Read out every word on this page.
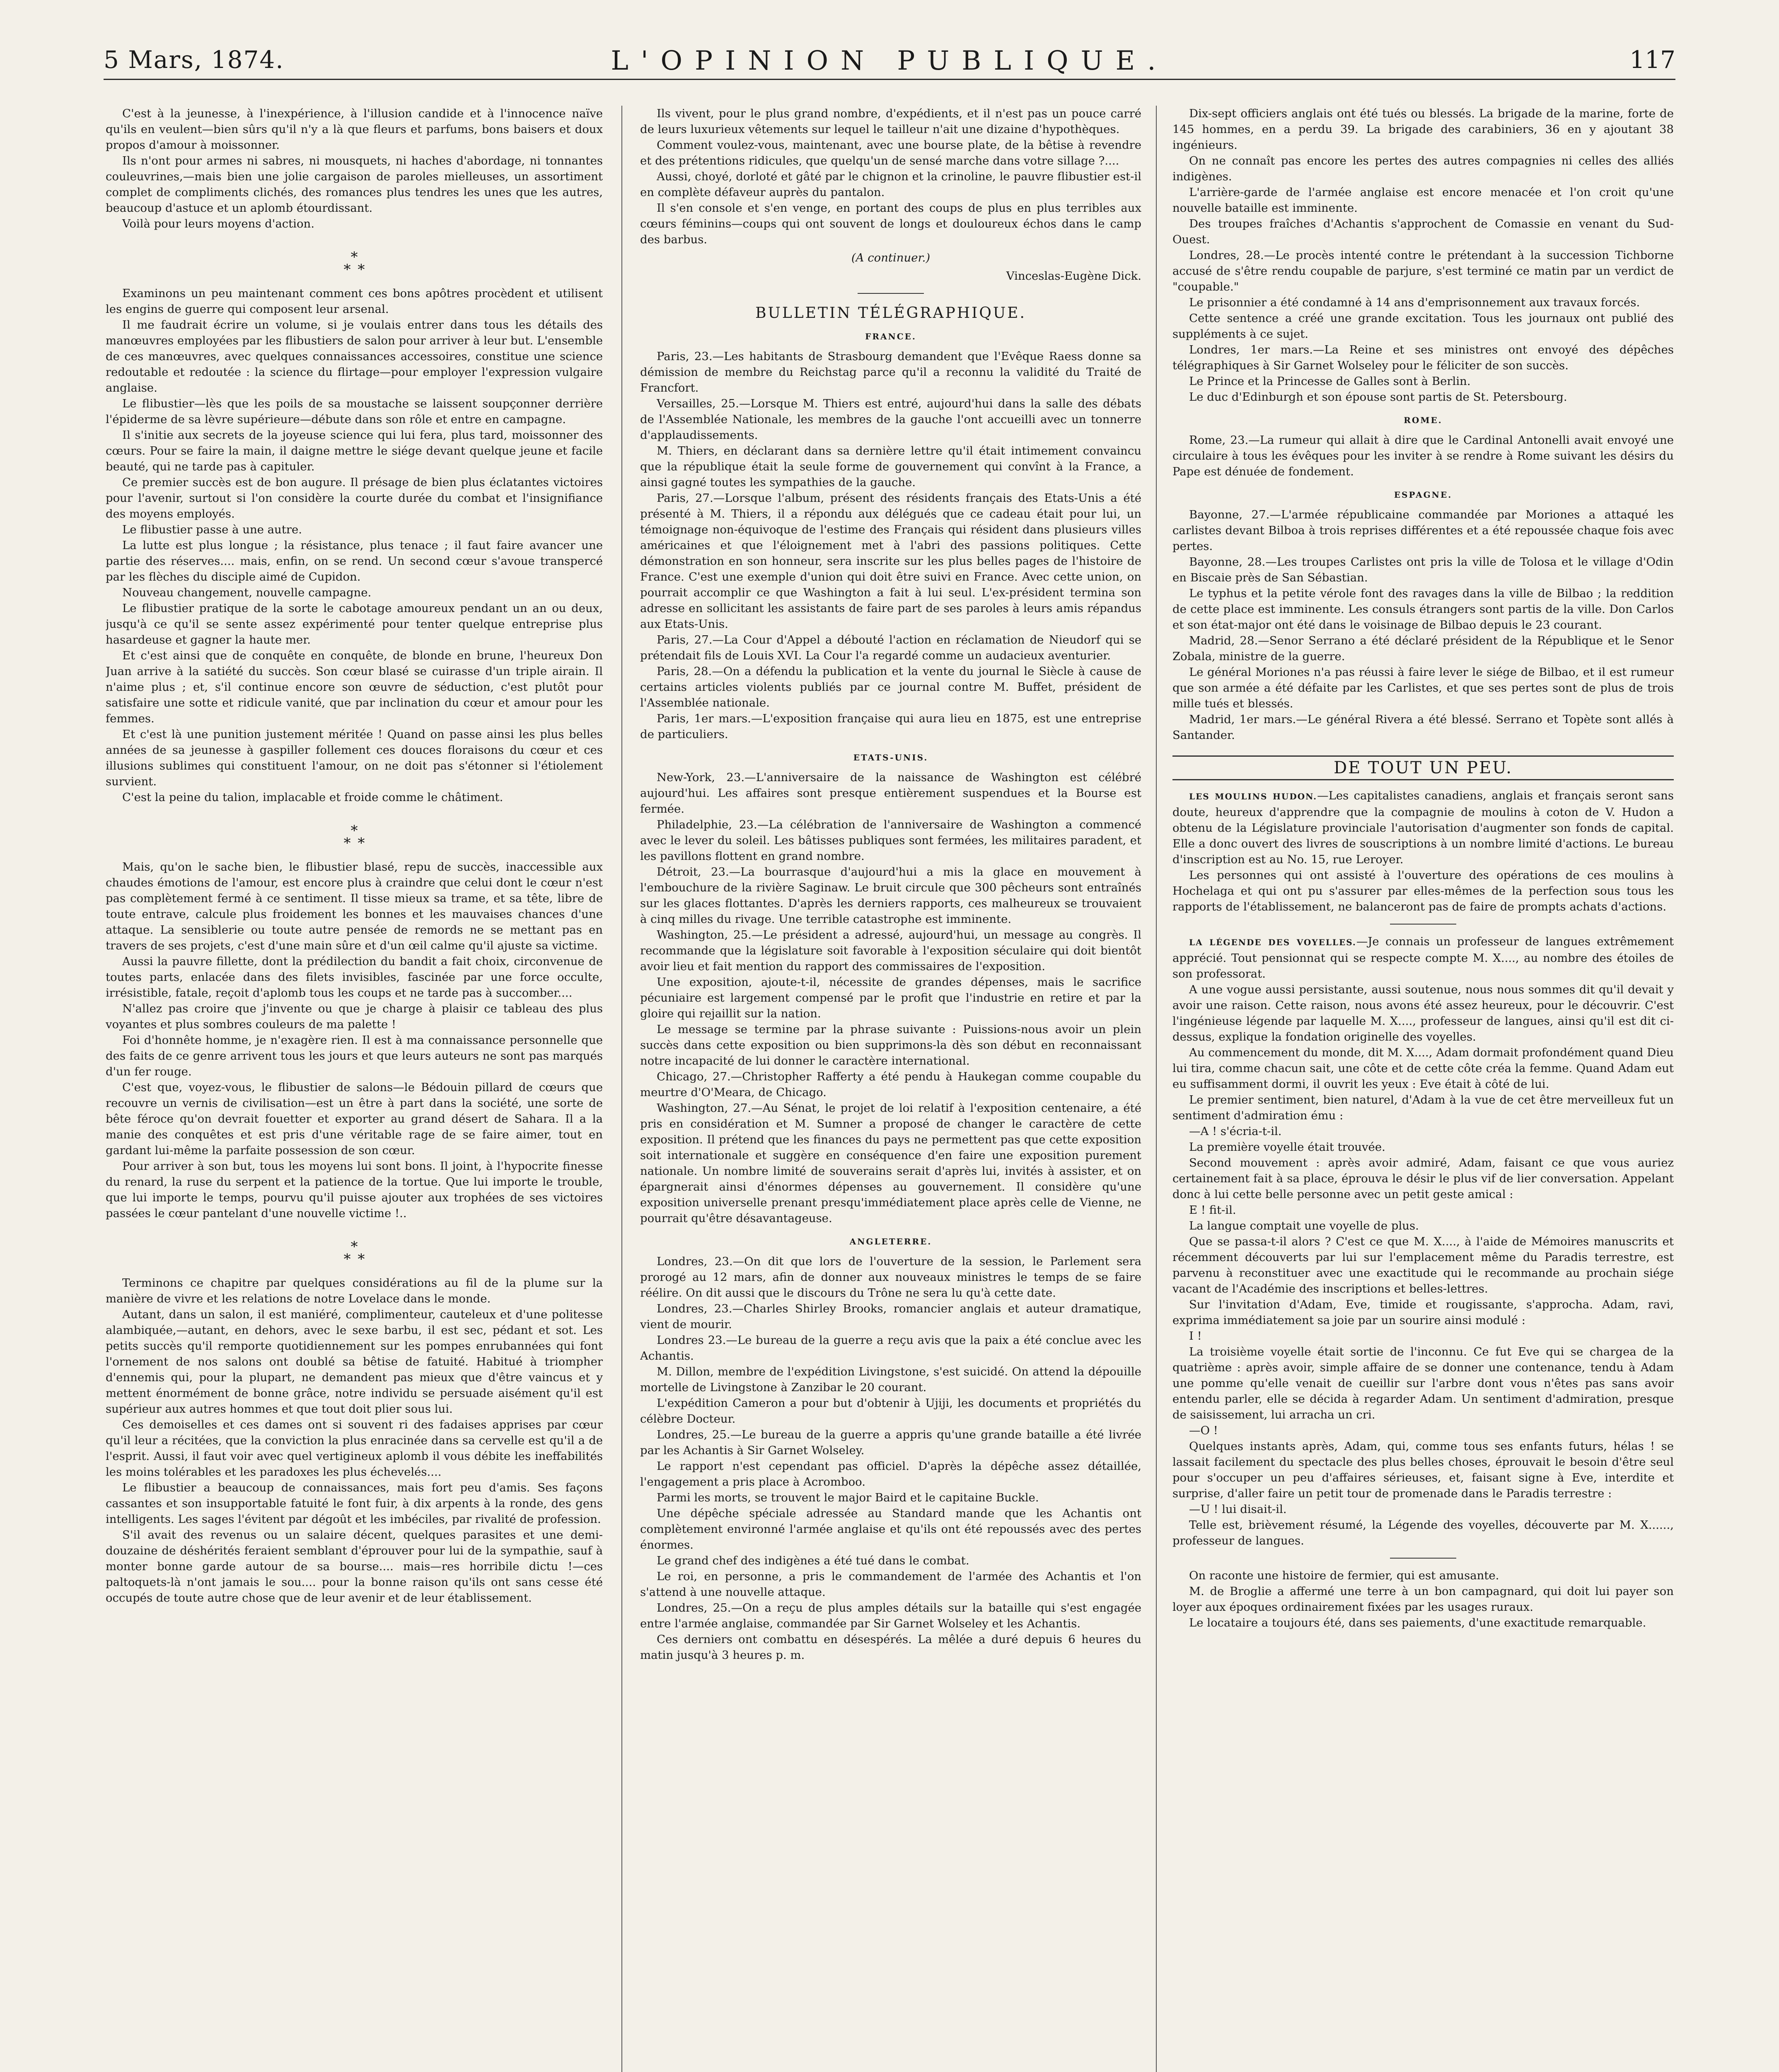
5 Mars, 1874.	L'OPINION PUBLIQUE.	117

C'est à la jeunesse, à l'inexpérience, à l'illusion candide et à l'innocence naïve qu'ils en veulent—bien sûrs qu'il n'y a là que fleurs et parfums, bons baisers et doux propos d'amour à moissonner.

Ils n'ont pour armes ni sabres, ni mousquets, ni haches d'abordage, ni tonnantes couleuvrines,—mais bien une jolie cargaison de paroles mielleuses, un assortiment complet de compliments clichés, des romances plus tendres les unes que les autres, beaucoup d'astuce et un aplomb étourdissant.

Voilà pour leurs moyens d'action.

∗
∗ ∗

Examinons un peu maintenant comment ces bons apôtres procèdent et utilisent les engins de guerre qui composent leur arsenal.

Il me faudrait écrire un volume, si je voulais entrer dans tous les détails des manœuvres employées par les flibustiers de salon pour arriver à leur but. L'ensemble de ces manœuvres, avec quelques connaissances accessoires, constitue une science redoutable et redoutée : la science du flirtage—pour employer l'expression vulgaire anglaise.

Le flibustier—lès que les poils de sa moustache se laissent soupçonner derrière l'épiderme de sa lèvre supérieure—débute dans son rôle et entre en campagne.

Il s'initie aux secrets de la joyeuse science qui lui fera, plus tard, moissonner des cœurs. Pour se faire la main, il daigne mettre le siége devant quelque jeune et facile beauté, qui ne tarde pas à capituler.

Ce premier succès est de bon augure. Il présage de bien plus éclatantes victoires pour l'avenir, surtout si l'on considère la courte durée du combat et l'insignifiance des moyens employés.

Le flibustier passe à une autre.

La lutte est plus longue ; la résistance, plus tenace ; il faut faire avancer une partie des réserves.... mais, enfin, on se rend. Un second cœur s'avoue transpercé par les flèches du disciple aimé de Cupidon.

Nouveau changement, nouvelle campagne.

Le flibustier pratique de la sorte le cabotage amoureux pendant un an ou deux, jusqu'à ce qu'il se sente assez expérimenté pour tenter quelque entreprise plus hasardeuse et gagner la haute mer.

Et c'est ainsi que de conquête en conquête, de blonde en brune, l'heureux Don Juan arrive à la satiété du succès. Son cœur blasé se cuirasse d'un triple airain. Il n'aime plus ; et, s'il continue encore son œuvre de séduction, c'est plutôt pour satisfaire une sotte et ridicule vanité, que par inclination du cœur et amour pour les femmes.

Et c'est là une punition justement méritée ! Quand on passe ainsi les plus belles années de sa jeunesse à gaspiller follement ces douces floraisons du cœur et ces illusions sublimes qui constituent l'amour, on ne doit pas s'étonner si l'étiolement survient.

C'est la peine du talion, implacable et froide comme le châtiment.

∗
∗ ∗

Mais, qu'on le sache bien, le flibustier blasé, repu de succès, inaccessible aux chaudes émotions de l'amour, est encore plus à craindre que celui dont le cœur n'est pas complètement fermé à ce sentiment. Il tisse mieux sa trame, et sa tête, libre de toute entrave, calcule plus froidement les bonnes et les mauvaises chances d'une attaque. La sensiblerie ou toute autre pensée de remords ne se mettant pas en travers de ses projets, c'est d'une main sûre et d'un œil calme qu'il ajuste sa victime.

Aussi la pauvre fillette, dont la prédilection du bandit a fait choix, circonvenue de toutes parts, enlacée dans des filets invisibles, fascinée par une force occulte, irrésistible, fatale, reçoit d'aplomb tous les coups et ne tarde pas à succomber....

N'allez pas croire que j'invente ou que je charge à plaisir ce tableau des plus voyantes et plus sombres couleurs de ma palette !

Foi d'honnête homme, je n'exagère rien. Il est à ma connaissance personnelle que des faits de ce genre arrivent tous les jours et que leurs auteurs ne sont pas marqués d'un fer rouge.

C'est que, voyez-vous, le flibustier de salons—le Bédouin pillard de cœurs que recouvre un vernis de civilisation—est un être à part dans la société, une sorte de bête féroce qu'on devrait fouetter et exporter au grand désert de Sahara. Il a la manie des conquêtes et est pris d'une véritable rage de se faire aimer, tout en gardant lui-même la parfaite possession de son cœur.

Pour arriver à son but, tous les moyens lui sont bons. Il joint, à l'hypocrite finesse du renard, la ruse du serpent et la patience de la tortue. Que lui importe le trouble, que lui importe le temps, pourvu qu'il puisse ajouter aux trophées de ses victoires passées le cœur pantelant d'une nouvelle victime !..

∗
∗ ∗

Terminons ce chapitre par quelques considérations au fil de la plume sur la manière de vivre et les relations de notre Lovelace dans le monde.

Autant, dans un salon, il est maniéré, complimenteur, cauteleux et d'une politesse alambiquée,—autant, en dehors, avec le sexe barbu, il est sec, pédant et sot. Les petits succès qu'il remporte quotidiennement sur les pompes enrubannées qui font l'ornement de nos salons ont doublé sa bêtise de fatuité. Habitué à triompher d'ennemis qui, pour la plupart, ne demandent pas mieux que d'être vaincus et y mettent énormément de bonne grâce, notre individu se persuade aisément qu'il est supérieur aux autres hommes et que tout doit plier sous lui.

Ces demoiselles et ces dames ont si souvent ri des fadaises apprises par cœur qu'il leur a récitées, que la conviction la plus enracinée dans sa cervelle est qu'il a de l'esprit. Aussi, il faut voir avec quel vertigineux aplomb il vous débite les ineffabilités les moins tolérables et les paradoxes les plus échevelés....

Le flibustier a beaucoup de connaissances, mais fort peu d'amis. Ses façons cassantes et son insupportable fatuité le font fuir, à dix arpents à la ronde, des gens intelligents. Les sages l'évitent par dégoût et les imbéciles, par rivalité de profession.

S'il avait des revenus ou un salaire décent, quelques parasites et une demi-douzaine de déshérités feraient semblant d'éprouver pour lui de la sympathie, sauf à monter bonne garde autour de sa bourse.... mais—res horribile dictu !—ces paltoquets-là n'ont jamais le sou.... pour la bonne raison qu'ils ont sans cesse été occupés de toute autre chose que de leur avenir et de leur établissement.

Ils vivent, pour le plus grand nombre, d'expédients, et il n'est pas un pouce carré de leurs luxurieux vêtements sur lequel le tailleur n'ait une dizaine d'hypothèques.

Comment voulez-vous, maintenant, avec une bourse plate, de la bêtise à revendre et des prétentions ridicules, que quelqu'un de sensé marche dans votre sillage ?....

Aussi, choyé, dorloté et gâté par le chignon et la crinoline, le pauvre flibustier est-il en complète défaveur auprès du pantalon.

Il s'en console et s'en venge, en portant des coups de plus en plus terribles aux cœurs féminins—coups qui ont souvent de longs et douloureux échos dans le camp des barbus.

(A continuer.)
Vinceslas-Eugène Dick.
BULLETIN TÉLÉGRAPHIQUE.
FRANCE.

Paris, 23.—Les habitants de Strasbourg demandent que l'Evêque Raess donne sa démission de membre du Reichstag parce qu'il a reconnu la validité du Traité de Francfort.

Versailles, 25.—Lorsque M. Thiers est entré, aujourd'hui dans la salle des débats de l'Assemblée Nationale, les membres de la gauche l'ont accueilli avec un tonnerre d'applaudissements.

M. Thiers, en déclarant dans sa dernière lettre qu'il était intimement convaincu que la république était la seule forme de gouvernement qui convînt à la France, a ainsi gagné toutes les sympathies de la gauche.

Paris, 27.—Lorsque l'album, présent des résidents français des Etats-Unis a été présenté à M. Thiers, il a répondu aux délégués que ce cadeau était pour lui, un témoignage non-équivoque de l'estime des Français qui résident dans plusieurs villes américaines et que l'éloignement met à l'abri des passions politiques. Cette démonstration en son honneur, sera inscrite sur les plus belles pages de l'histoire de France. C'est une exemple d'union qui doit être suivi en France. Avec cette union, on pourrait accomplir ce que Washington a fait à lui seul. L'ex-président termina son adresse en sollicitant les assistants de faire part de ses paroles à leurs amis répandus aux Etats-Unis.

Paris, 27.—La Cour d'Appel a débouté l'action en réclamation de Nieudorf qui se prétendait fils de Louis XVI. La Cour l'a regardé comme un audacieux aventurier.

Paris, 28.—On a défendu la publication et la vente du journal le Siècle à cause de certains articles violents publiés par ce journal contre M. Buffet, président de l'Assemblée nationale.

Paris, 1er mars.—L'exposition française qui aura lieu en 1875, est une entreprise de particuliers.

ETATS-UNIS.

New-York, 23.—L'anniversaire de la naissance de Washington est célébré aujourd'hui. Les affaires sont presque entièrement suspendues et la Bourse est fermée.

Philadelphie, 23.—La célébration de l'anniversaire de Washington a commencé avec le lever du soleil. Les bâtisses publiques sont fermées, les militaires paradent, et les pavillons flottent en grand nombre.

Détroit, 23.—La bourrasque d'aujourd'hui a mis la glace en mouvement à l'embouchure de la rivière Saginaw. Le bruit circule que 300 pêcheurs sont entraînés sur les glaces flottantes. D'après les derniers rapports, ces malheureux se trouvaient à cinq milles du rivage. Une terrible catastrophe est imminente.

Washington, 25.—Le président a adressé, aujourd'hui, un message au congrès. Il recommande que la législature soit favorable à l'exposition séculaire qui doit bientôt avoir lieu et fait mention du rapport des commissaires de l'exposition.

Une exposition, ajoute-t-il, nécessite de grandes dépenses, mais le sacrifice pécuniaire est largement compensé par le profit que l'industrie en retire et par la gloire qui rejaillit sur la nation.

Le message se termine par la phrase suivante : Puissions-nous avoir un plein succès dans cette exposition ou bien supprimons-la dès son début en reconnaissant notre incapacité de lui donner le caractère international.

Chicago, 27.—Christopher Rafferty a été pendu à Haukegan comme coupable du meurtre d'O'Meara, de Chicago.

Washington, 27.—Au Sénat, le projet de loi relatif à l'exposition centenaire, a été pris en considération et M. Sumner a proposé de changer le caractère de cette exposition. Il prétend que les finances du pays ne permettent pas que cette exposition soit internationale et suggère en conséquence d'en faire une exposition purement nationale. Un nombre limité de souverains serait d'après lui, invités à assister, et on épargnerait ainsi d'énormes dépenses au gouvernement. Il considère qu'une exposition universelle prenant presqu'immédiatement place après celle de Vienne, ne pourrait qu'être désavantageuse.

ANGLETERRE.

Londres, 23.—On dit que lors de l'ouverture de la session, le Parlement sera prorogé au 12 mars, afin de donner aux nouveaux ministres le temps de se faire réélire. On dit aussi que le discours du Trône ne sera lu qu'à cette date.

Londres, 23.—Charles Shirley Brooks, romancier anglais et auteur dramatique, vient de mourir.

Londres 23.—Le bureau de la guerre a reçu avis que la paix a été conclue avec les Achantis.

M. Dillon, membre de l'expédition Livingstone, s'est suicidé. On attend la dépouille mortelle de Livingstone à Zanzibar le 20 courant.

L'expédition Cameron a pour but d'obtenir à Ujiji, les documents et propriétés du célèbre Docteur.

Londres, 25.—Le bureau de la guerre a appris qu'une grande bataille a été livrée par les Achantis à Sir Garnet Wolseley.

Le rapport n'est cependant pas officiel. D'après la dépêche assez détaillée, l'engagement a pris place à Acromboo.

Parmi les morts, se trouvent le major Baird et le capitaine Buckle.

Une dépêche spéciale adressée au Standard mande que les Achantis ont complètement environné l'armée anglaise et qu'ils ont été repoussés avec des pertes énormes.

Le grand chef des indigènes a été tué dans le combat.

Le roi, en personne, a pris le commandement de l'armée des Achantis et l'on s'attend à une nouvelle attaque.

Londres, 25.—On a reçu de plus amples détails sur la bataille qui s'est engagée entre l'armée anglaise, commandée par Sir Garnet Wolseley et les Achantis.

Ces derniers ont combattu en désespérés. La mêlée a duré depuis 6 heures du matin jusqu'à 3 heures p. m.

Dix-sept officiers anglais ont été tués ou blessés. La brigade de la marine, forte de 145 hommes, en a perdu 39. La brigade des carabiniers, 36 en y ajoutant 38 ingénieurs.

On ne connaît pas encore les pertes des autres compagnies ni celles des alliés indigènes.

L'arrière-garde de l'armée anglaise est encore menacée et l'on croit qu'une nouvelle bataille est imminente.

Des troupes fraîches d'Achantis s'approchent de Comassie en venant du Sud-Ouest.

Londres, 28.—Le procès intenté contre le prétendant à la succession Tichborne accusé de s'être rendu coupable de parjure, s'est terminé ce matin par un verdict de "coupable."

Le prisonnier a été condamné à 14 ans d'emprisonnement aux travaux forcés.

Cette sentence a créé une grande excitation. Tous les journaux ont publié des suppléments à ce sujet.

Londres, 1er mars.—La Reine et ses ministres ont envoyé des dépêches télégraphiques à Sir Garnet Wolseley pour le féliciter de son succès.

Le Prince et la Princesse de Galles sont à Berlin.

Le duc d'Edinburgh et son épouse sont partis de St. Petersbourg.

ROME.

Rome, 23.—La rumeur qui allait à dire que le Cardinal Antonelli avait envoyé une circulaire à tous les évêques pour les inviter à se rendre à Rome suivant les désirs du Pape est dénuée de fondement.

ESPAGNE.

Bayonne, 27.—L'armée républicaine commandée par Moriones a attaqué les carlistes devant Bilboa à trois reprises différentes et a été repoussée chaque fois avec pertes.

Bayonne, 28.—Les troupes Carlistes ont pris la ville de Tolosa et le village d'Odin en Biscaie près de San Sébastian.

Le typhus et la petite vérole font des ravages dans la ville de Bilbao ; la reddition de cette place est imminente. Les consuls étrangers sont partis de la ville. Don Carlos et son état-major ont été dans le voisinage de Bilbao depuis le 23 courant.

Madrid, 28.—Senor Serrano a été déclaré président de la République et le Senor Zobala, ministre de la guerre.

Le général Moriones n'a pas réussi à faire lever le siége de Bilbao, et il est rumeur que son armée a été défaite par les Carlistes, et que ses pertes sont de plus de trois mille tués et blessés.

Madrid, 1er mars.—Le général Rivera a été blessé. Serrano et Topète sont allés à Santander.

DE TOUT UN PEU.

LES MOULINS HUDON.—Les capitalistes canadiens, anglais et français seront sans doute, heureux d'apprendre que la compagnie de moulins à coton de V. Hudon a obtenu de la Législature provinciale l'autorisation d'augmenter son fonds de capital. Elle a donc ouvert des livres de souscriptions à un nombre limité d'actions. Le bureau d'inscription est au No. 15, rue Leroyer.

Les personnes qui ont assisté à l'ouverture des opérations de ces moulins à Hochelaga et qui ont pu s'assurer par elles-mêmes de la perfection sous tous les rapports de l'établissement, ne balanceront pas de faire de prompts achats d'actions.

LA LÉGENDE DES VOYELLES.—Je connais un professeur de langues extrêmement apprécié. Tout pensionnat qui se respecte compte M. X...., au nombre des étoiles de son professorat.

A une vogue aussi persistante, aussi soutenue, nous nous sommes dit qu'il devait y avoir une raison. Cette raison, nous avons été assez heureux, pour le découvrir. C'est l'ingénieuse légende par laquelle M. X...., professeur de langues, ainsi qu'il est dit ci-dessus, explique la fondation originelle des voyelles.

Au commencement du monde, dit M. X...., Adam dormait profondément quand Dieu lui tira, comme chacun sait, une côte et de cette côte créa la femme. Quand Adam eut eu suffisamment dormi, il ouvrit les yeux : Eve était à côté de lui.

Le premier sentiment, bien naturel, d'Adam à la vue de cet être merveilleux fut un sentiment d'admiration ému :

—A ! s'écria-t-il.

La première voyelle était trouvée.

Second mouvement : après avoir admiré, Adam, faisant ce que vous auriez certainement fait à sa place, éprouva le désir le plus vif de lier conversation. Appelant donc à lui cette belle personne avec un petit geste amical :

E ! fit-il.

La langue comptait une voyelle de plus.

Que se passa-t-il alors ? C'est ce que M. X...., à l'aide de Mémoires manuscrits et récemment découverts par lui sur l'emplacement même du Paradis terrestre, est parvenu à reconstituer avec une exactitude qui le recommande au prochain siége vacant de l'Académie des inscriptions et belles-lettres.

Sur l'invitation d'Adam, Eve, timide et rougissante, s'approcha. Adam, ravi, exprima immédiatement sa joie par un sourire ainsi modulé :

I !

La troisième voyelle était sortie de l'inconnu. Ce fut Eve qui se chargea de la quatrième : après avoir, simple affaire de se donner une contenance, tendu à Adam une pomme qu'elle venait de cueillir sur l'arbre dont vous n'êtes pas sans avoir entendu parler, elle se décida à regarder Adam. Un sentiment d'admiration, presque de saisissement, lui arracha un cri.

—O !

Quelques instants après, Adam, qui, comme tous ses enfants futurs, hélas ! se lassait facilement du spectacle des plus belles choses, éprouvait le besoin d'être seul pour s'occuper un peu d'affaires sérieuses, et, faisant signe à Eve, interdite et surprise, d'aller faire un petit tour de promenade dans le Paradis terrestre :

—U ! lui disait-il.

Telle est, brièvement résumé, la Légende des voyelles, découverte par M. X......, professeur de langues.

On raconte une histoire de fermier, qui est amusante.

M. de Broglie a affermé une terre à un bon campagnard, qui doit lui payer son loyer aux époques ordinairement fixées par les usages ruraux.

Le locataire a toujours été, dans ses paiements, d'une exactitude remarquable.
